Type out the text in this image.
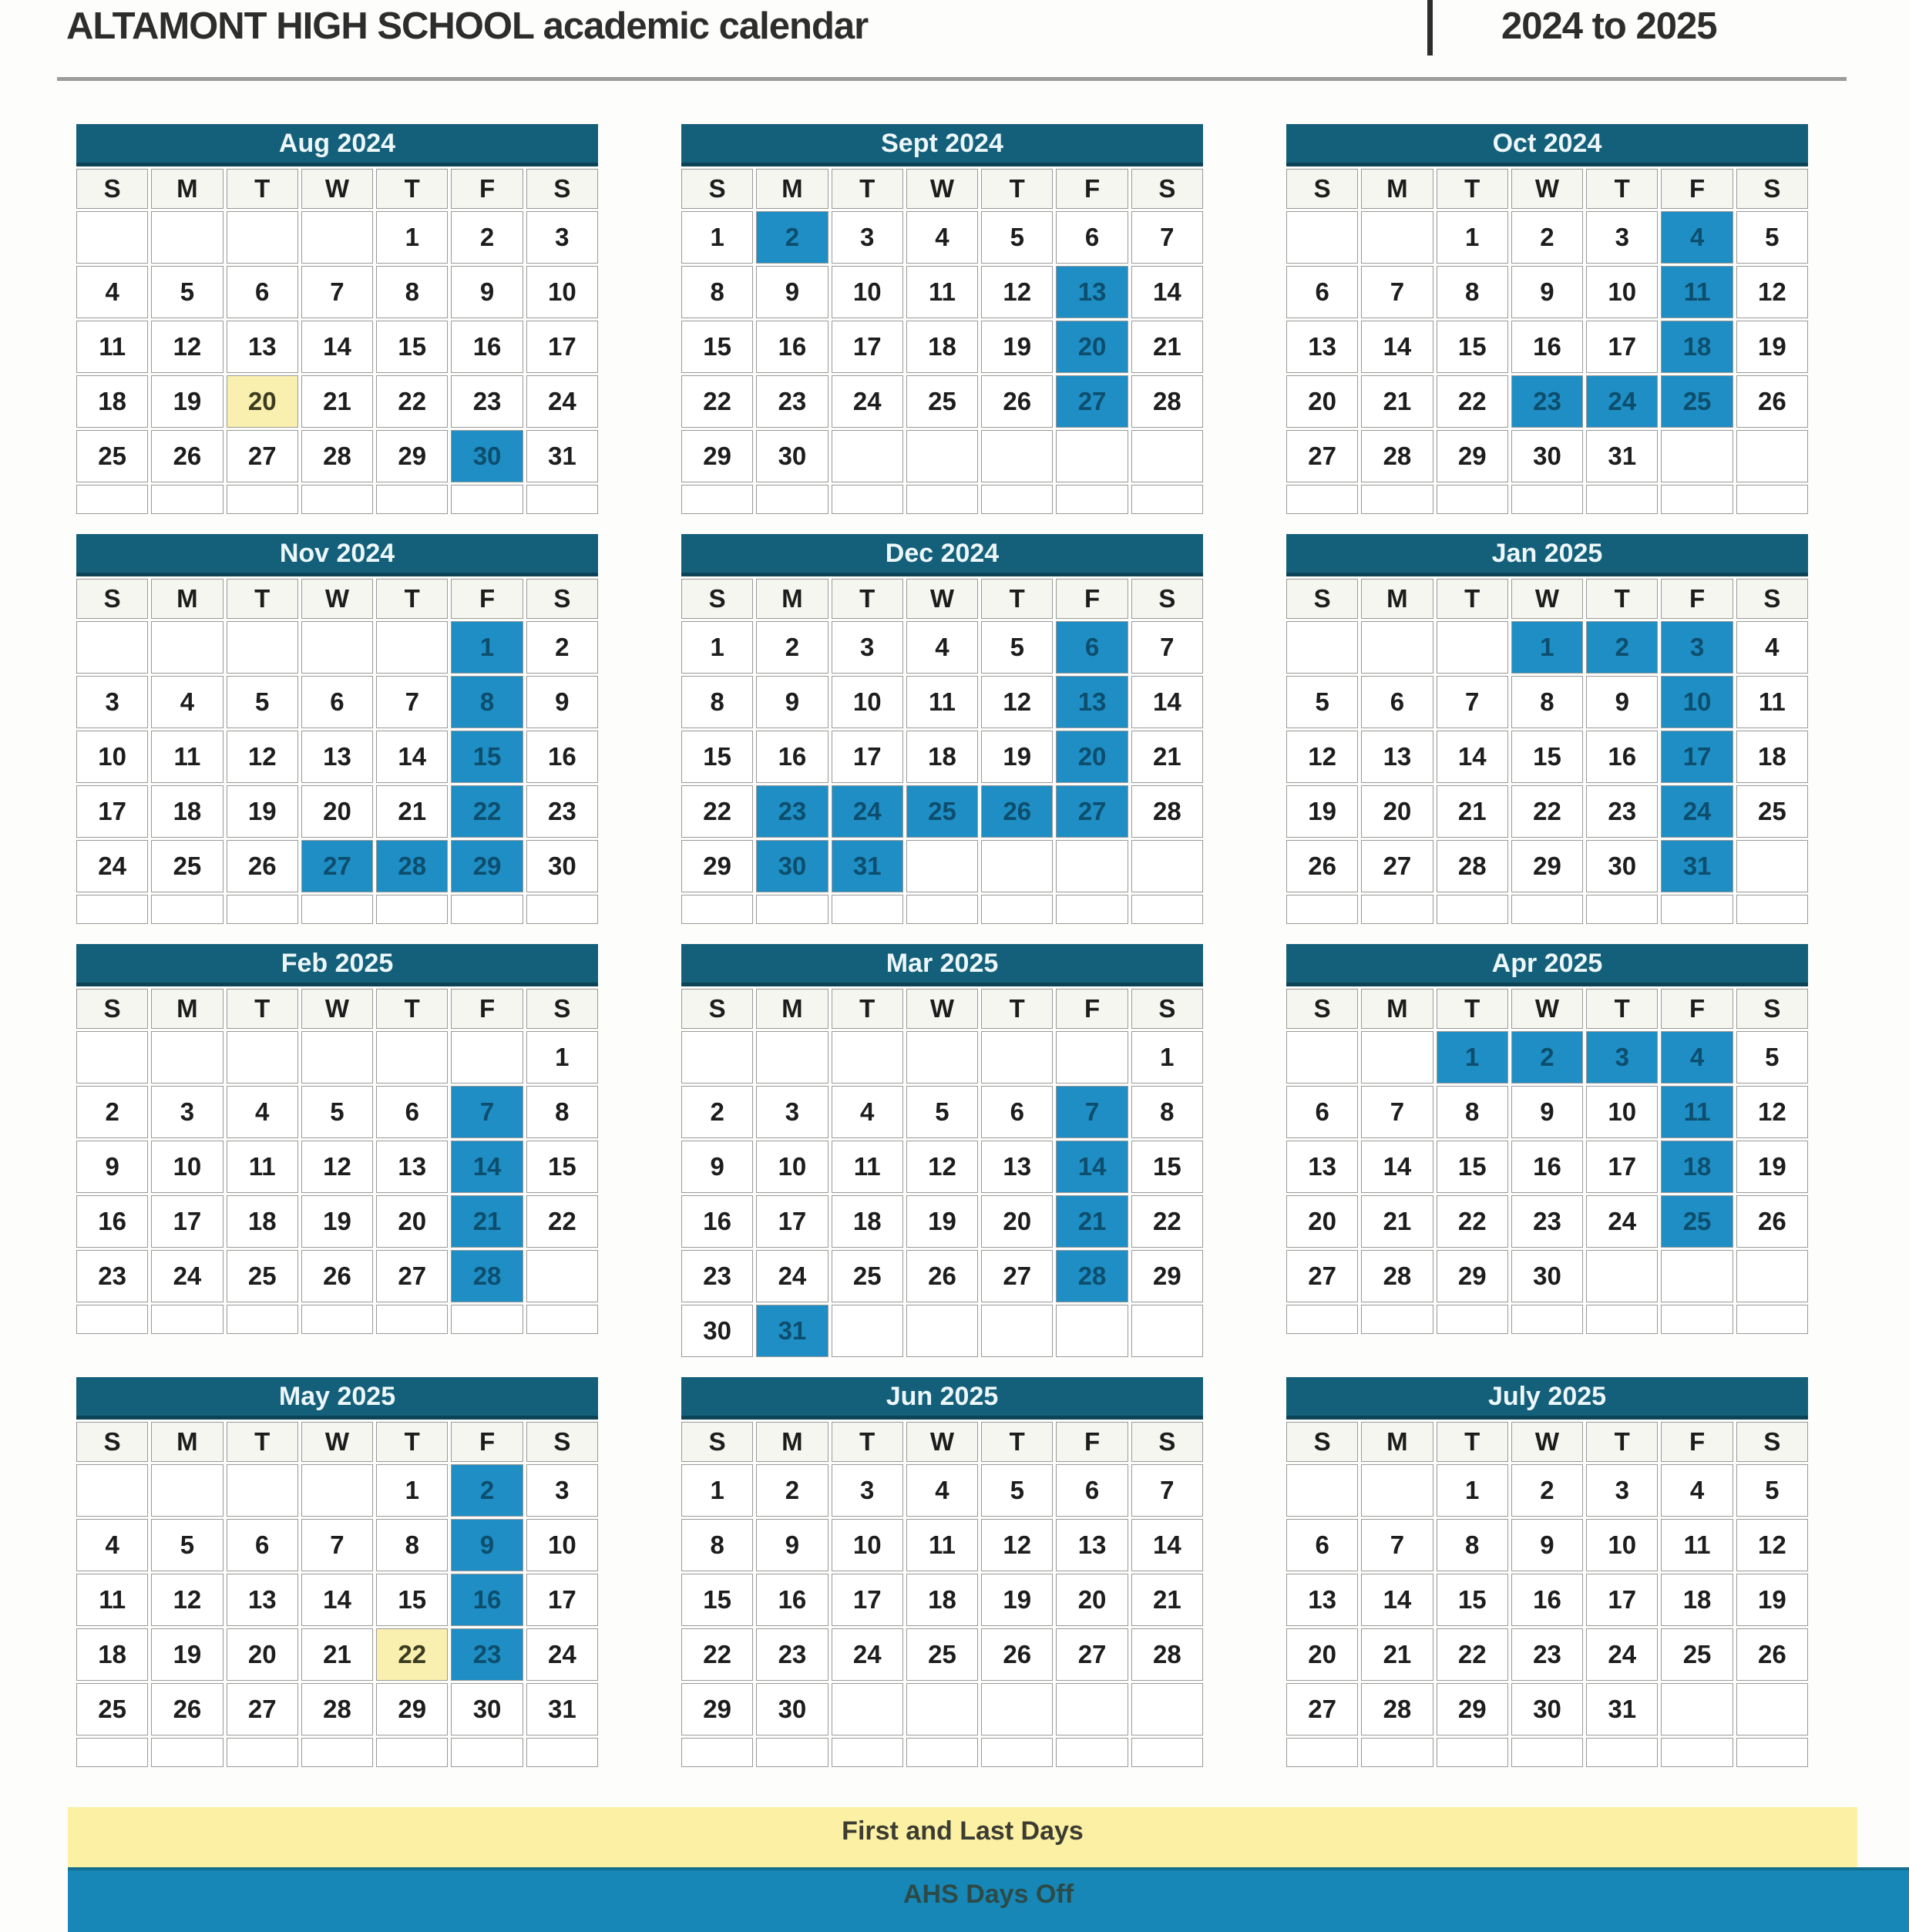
ALTAMONT HIGH SCHOOL academic calendar	2024 to 2025
Aug 2024						
S	M	T	W	T	F	S
				1	2	3
4	5	6	7	8	9	10
11	12	13	14	15	16	17
18	19	20	21	22	23	24
25	26	27	28	29	30	31

Sept 2024						
S	M	T	W	T	F	S
1	2	3	4	5	6	7
8	9	10	11	12	13	14
15	16	17	18	19	20	21
22	23	24	25	26	27	28
29	30					

Oct 2024						
S	M	T	W	T	F	S
		1	2	3	4	5
6	7	8	9	10	11	12
13	14	15	16	17	18	19
20	21	22	23	24	25	26
27	28	29	30	31		

Nov 2024						
S	M	T	W	T	F	S
					1	2
3	4	5	6	7	8	9
10	11	12	13	14	15	16
17	18	19	20	21	22	23
24	25	26	27	28	29	30

Dec 2024						
S	M	T	W	T	F	S
1	2	3	4	5	6	7
8	9	10	11	12	13	14
15	16	17	18	19	20	21
22	23	24	25	26	27	28
29	30	31				

Jan 2025						
S	M	T	W	T	F	S
			1	2	3	4
5	6	7	8	9	10	11
12	13	14	15	16	17	18
19	20	21	22	23	24	25
26	27	28	29	30	31	

Feb 2025						
S	M	T	W	T	F	S
						1
2	3	4	5	6	7	8
9	10	11	12	13	14	15
16	17	18	19	20	21	22
23	24	25	26	27	28	

Mar 2025						
S	M	T	W	T	F	S
						1
2	3	4	5	6	7	8
9	10	11	12	13	14	15
16	17	18	19	20	21	22
23	24	25	26	27	28	29
30	31					
Apr 2025						
S	M	T	W	T	F	S
		1	2	3	4	5
6	7	8	9	10	11	12
13	14	15	16	17	18	19
20	21	22	23	24	25	26
27	28	29	30			

May 2025						
S	M	T	W	T	F	S
				1	2	3
4	5	6	7	8	9	10
11	12	13	14	15	16	17
18	19	20	21	22	23	24
25	26	27	28	29	30	31

Jun 2025						
S	M	T	W	T	F	S
1	2	3	4	5	6	7
8	9	10	11	12	13	14
15	16	17	18	19	20	21
22	23	24	25	26	27	28
29	30					

July 2025						
S	M	T	W	T	F	S
		1	2	3	4	5
6	7	8	9	10	11	12
13	14	15	16	17	18	19
20	21	22	23	24	25	26
27	28	29	30	31		

First and Last Days
AHS Days Off
